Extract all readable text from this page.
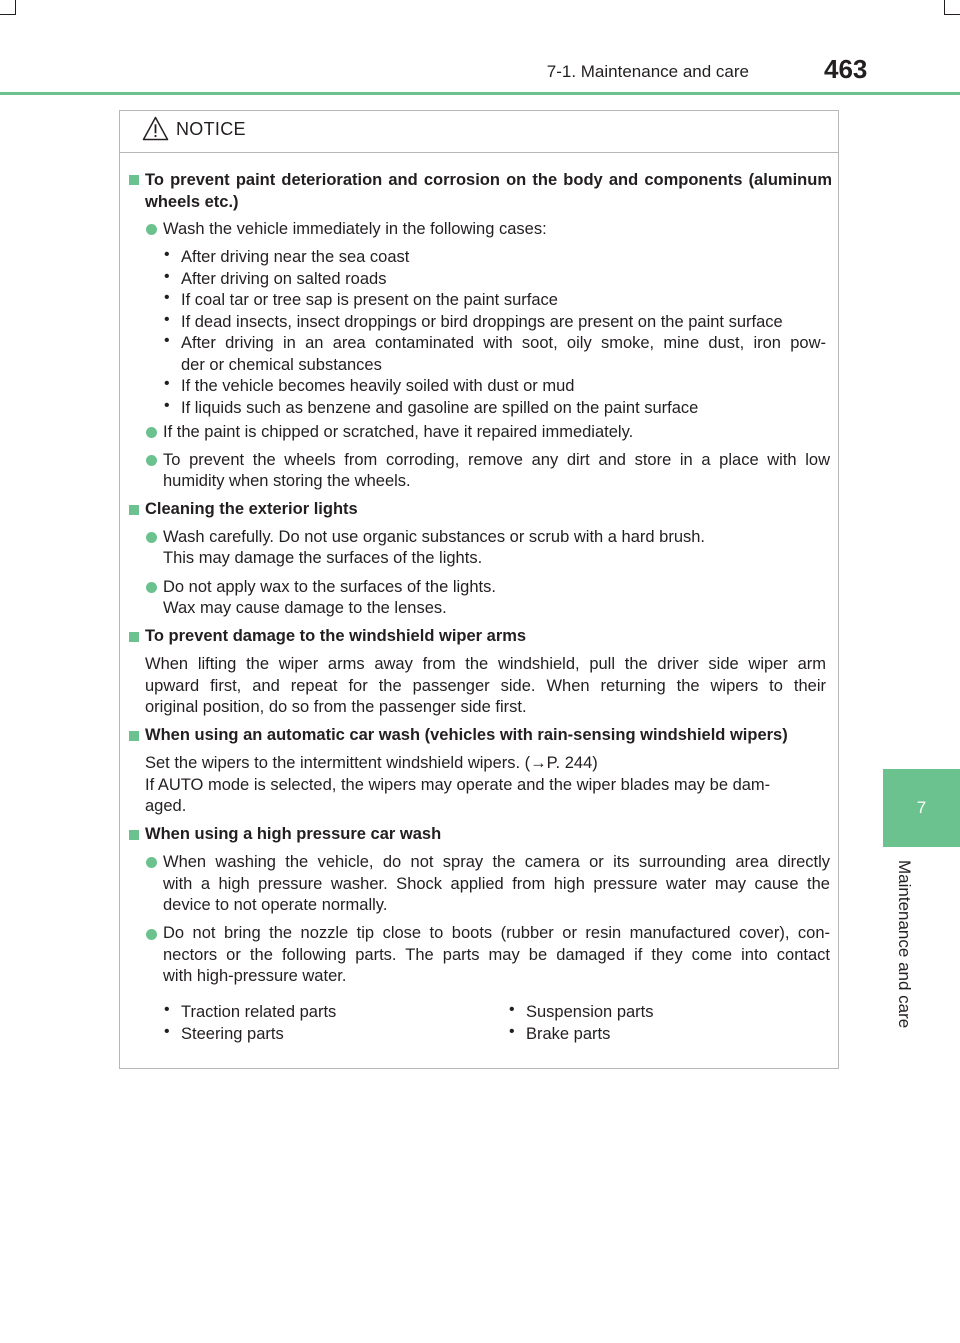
7-1. Maintenance and care	463
7
Maintenance and care
NOTICE
To prevent paint deterioration and corrosion on the body and components (aluminum
wheels etc.)
Wash the vehicle immediately in the following cases:
• After driving near the sea coast
• After driving on salted roads
• If coal tar or tree sap is present on the paint surface
• If dead insects, insect droppings or bird droppings are present on the paint surface
• After driving in an area contaminated with soot, oily smoke, mine dust, iron pow-
der or chemical substances
• If the vehicle becomes heavily soiled with dust or mud
• If liquids such as benzene and gasoline are spilled on the paint surface
If the paint is chipped or scratched, have it repaired immediately.
To prevent the wheels from corroding, remove any dirt and store in a place with low
humidity when storing the wheels.
Cleaning the exterior lights
Wash carefully. Do not use organic substances or scrub with a hard brush.
This may damage the surfaces of the lights.
Do not apply wax to the surfaces of the lights.
Wax may cause damage to the lenses.
To prevent damage to the windshield wiper arms
When lifting the wiper arms away from the windshield, pull the driver side wiper arm
upward first, and repeat for the passenger side. When returning the wipers to their
original position, do so from the passenger side first.
When using an automatic car wash (vehicles with rain-sensing windshield wipers)
Set the wipers to the intermittent windshield wipers. (→P. 244)
If AUTO mode is selected, the wipers may operate and the wiper blades may be dam-
aged.
When using a high pressure car wash
When washing the vehicle, do not spray the camera or its surrounding area directly
with a high pressure washer. Shock applied from high pressure water may cause the
device to not operate normally.
Do not bring the nozzle tip close to boots (rubber or resin manufactured cover), con-
nectors or the following parts. The parts may be damaged if they come into contact
with high-pressure water.
• Traction related parts
• Steering parts
• Suspension parts
• Brake parts
